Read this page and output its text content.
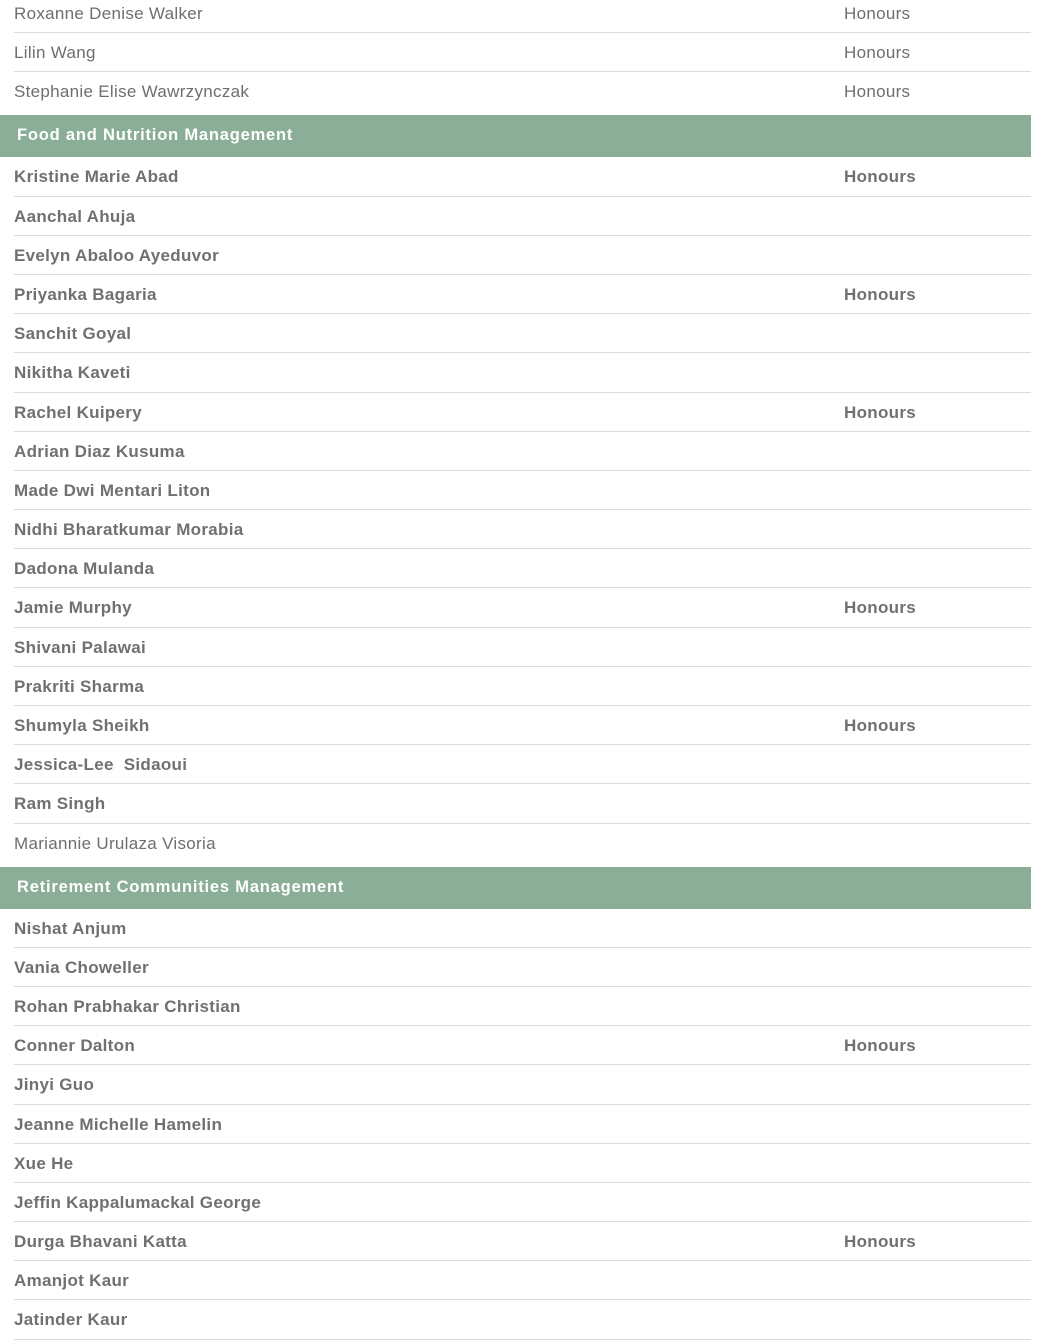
Roxanne Denise Walker	Honours
Lilin Wang	Honours
Stephanie Elise Wawrzynczak	Honours
Food and Nutrition Management
Kristine Marie Abad	Honours
Aanchal Ahuja
Evelyn Abaloo Ayeduvor
Priyanka Bagaria	Honours
Sanchit Goyal
Nikitha Kaveti
Rachel Kuipery	Honours
Adrian Diaz Kusuma
Made Dwi Mentari Liton
Nidhi Bharatkumar Morabia
Dadona Mulanda
Jamie Murphy	Honours
Shivani Palawai
Prakriti Sharma
Shumyla Sheikh	Honours
Jessica-Lee  Sidaoui
Ram Singh
Mariannie Urulaza Visoria
Retirement Communities Management
Nishat Anjum
Vania Choweller
Rohan Prabhakar Christian
Conner Dalton	Honours
Jinyi Guo
Jeanne Michelle Hamelin
Xue He
Jeffin Kappalumackal George
Durga Bhavani Katta	Honours
Amanjot Kaur
Jatinder Kaur
